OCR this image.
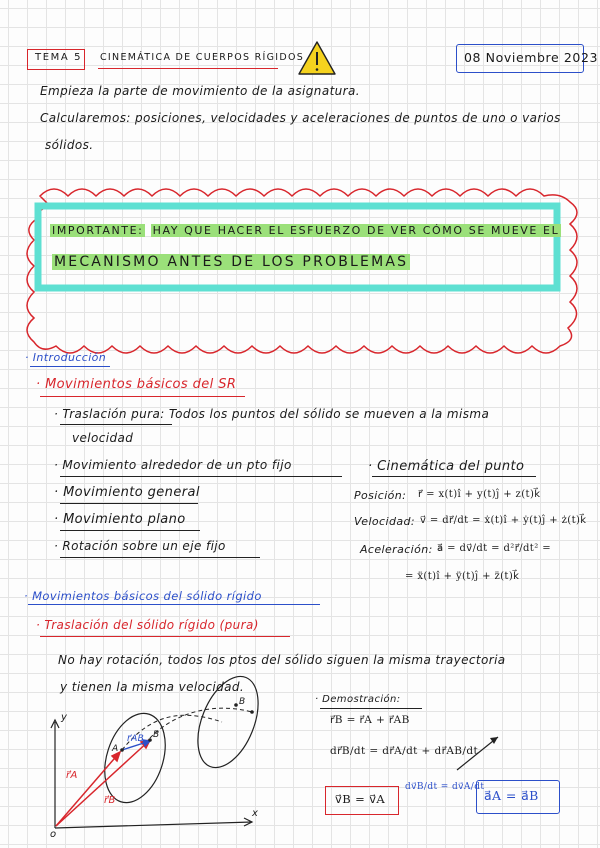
TEMA 5 CINEMÁTICA DE CUERPOS RÍGIDOS	08 Noviembre 2023
Empieza la parte de movimiento de la asignatura.
Calcularemos: posiciones, velocidades y aceleraciones de puntos de uno o varios
sólidos.
IMPORTANTE: HAY QUE HACER EL ESFUERZO DE VER CÓMO SE MUEVE EL
MECANISMO ANTES DE LOS PROBLEMAS
· Introducción
· Movimientos básicos del SR
· Traslación pura: Todos los puntos del sólido se mueven a la misma
velocidad
· Movimiento alrededor de un pto fijo
· Movimiento general
· Movimiento plano
· Rotación sobre un eje fijo
· Cinemática del punto
Posición: r⃗ = x(t)î + y(t)ĵ + z(t)k⃗
Velocidad: v⃗ = dr⃗/dt = ẋ(t)î + ẏ(t)ĵ + ż(t)k⃗
Aceleración: a⃗ = dv⃗/dt = d²r⃗/dt² =
= ẍ(t)î + ÿ(t)ĵ + z̈(t)k⃗
· Movimientos básicos del sólido rígido
· Traslación del sólido rígido (pura)
No hay rotación, todos los ptos del sólido siguen la misma trayectoria
y tienen la misma velocidad.
y
x
o
A
B
B
r⃗A
r⃗B
r⃗AB
· Demostración:
r⃗B = r⃗A + r⃗AB
dr⃗B/dt = dr⃗A/dt + dr⃗AB/dt
v⃗B = v⃗A
dv⃗B/dt = dv⃗A/dt
a⃗A = a⃗B
